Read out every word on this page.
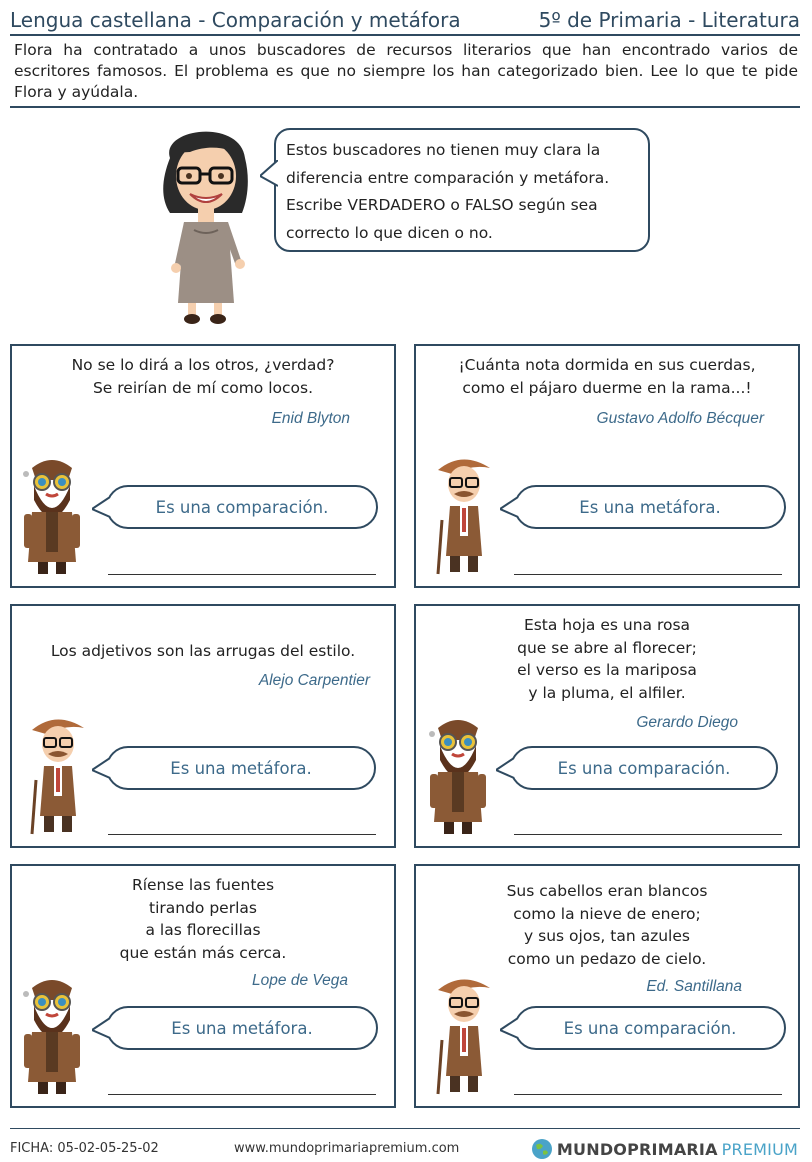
Lengua castellana - Comparación y metáfora	5º de Primaria - Literatura

Flora ha contratado a unos buscadores de recursos literarios que han encontrado varios de escritores famosos. El problema es que no siempre los han categorizado bien. Lee lo que te pide Flora y ayúdala.

Estos buscadores no tienen muy clara la

diferencia entre comparación y metáfora.

Escribe VERDADERO o FALSO según sea

correcto lo que dicen o no.

No se lo dirá a los otros, ¿verdad?

Se reirían de mí como locos.

Enid Blyton
Es una comparación.

¡Cuánta nota dormida en sus cuerdas,

como el pájaro duerme en la rama...!

Gustavo Adolfo Bécquer
Es una metáfora.

Los adjetivos son las arrugas del estilo.

Alejo Carpentier
Es una metáfora.

Esta hoja es una rosa

que se abre al florecer;

el verso es la mariposa

y la pluma, el alfiler.

Gerardo Diego
Es una comparación.

Ríense las fuentes

tirando perlas

a las florecillas

que están más cerca.

Lope de Vega
Es una metáfora.

Sus cabellos eran blancos

como la nieve de enero;

y sus ojos, tan azules

como un pedazo de cielo.

Ed. Santillana
Es una comparación.
FICHA: 05-02-05-25-02	www.mundoprimariapremium.com	MUNDOPRIMARIA PREMIUM
